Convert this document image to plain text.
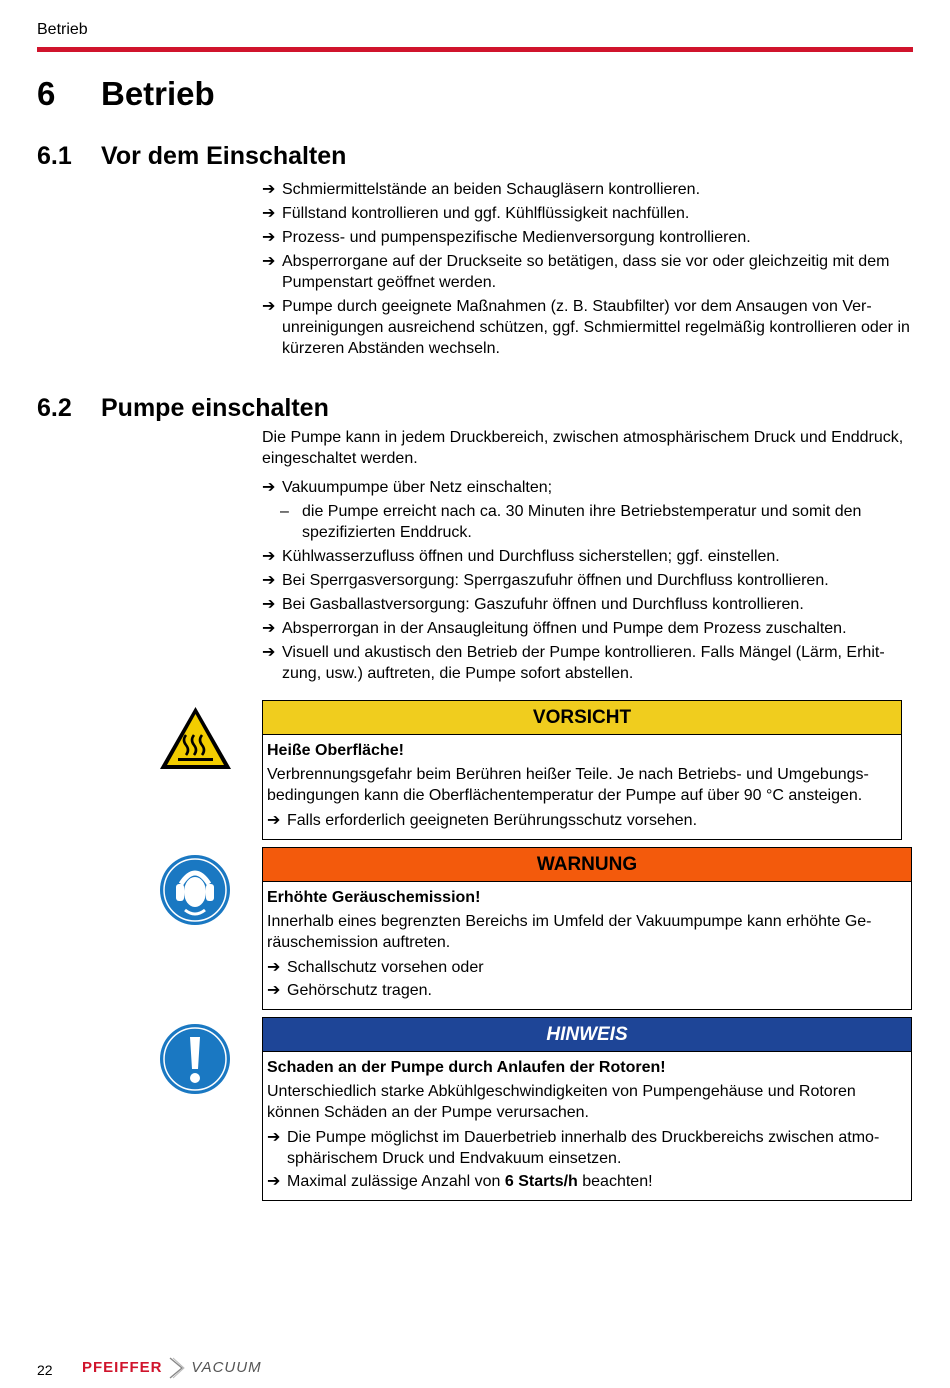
Betrieb
6 Betrieb
6.1 Vor dem Einschalten
➔ Schmiermittelstände an beiden Schaugläsern kontrollieren.
➔ Füllstand kontrollieren und ggf. Kühlflüssigkeit nachfüllen.
➔ Prozess- und pumpenspezifische Medienversorgung kontrollieren.
➔ Absperrorgane auf der Druckseite so betätigen, dass sie vor oder gleichzeitig mit dem Pumpenstart geöffnet werden.
➔ Pumpe durch geeignete Maßnahmen (z. B. Staubfilter) vor dem Ansaugen von Verunreinigungen ausreichend schützen, ggf. Schmiermittel regelmäßig kontrollieren oder in kürzeren Abständen wechseln.
6.2 Pumpe einschalten
Die Pumpe kann in jedem Druckbereich, zwischen atmosphärischem Druck und Enddruck, eingeschaltet werden.
➔ Vakuumpumpe über Netz einschalten;
– die Pumpe erreicht nach ca. 30 Minuten ihre Betriebstemperatur und somit den spezifizierten Enddruck.
➔ Kühlwasserzufluss öffnen und Durchfluss sicherstellen; ggf. einstellen.
➔ Bei Sperrgasversorgung: Sperrgaszufuhr öffnen und Durchfluss kontrollieren.
➔ Bei Gasballastversorgung: Gaszufuhr öffnen und Durchfluss kontrollieren.
➔ Absperrorgan in der Ansaugleitung öffnen und Pumpe dem Prozess zuschalten.
➔ Visuell und akustisch den Betrieb der Pumpe kontrollieren. Falls Mängel (Lärm, Erhitzung, usw.) auftreten, die Pumpe sofort abstellen.
VORSICHT
Heiße Oberfläche!
Verbrennungsgefahr beim Berühren heißer Teile. Je nach Betriebs- und Umgebungsbedingungen kann die Oberflächentemperatur der Pumpe auf über 90 °C ansteigen.
➔ Falls erforderlich geeigneten Berührungsschutz vorsehen.
WARNUNG
Erhöhte Geräuschemission!
Innerhalb eines begrenzten Bereichs im Umfeld der Vakuumpumpe kann erhöhte Geräuschemission auftreten.
➔ Schallschutz vorsehen oder
➔ Gehörschutz tragen.
HINWEIS
Schaden an der Pumpe durch Anlaufen der Rotoren!
Unterschiedlich starke Abkühlgeschwindigkeiten von Pumpengehäuse und Rotoren können Schäden an der Pumpe verursachen.
➔ Die Pumpe möglichst im Dauerbetrieb innerhalb des Druckbereichs zwischen atmosphärischem Druck und Endvakuum einsetzen.
➔ Maximal zulässige Anzahl von 6 Starts/h beachten!
22 PFEIFFER VACUUM
